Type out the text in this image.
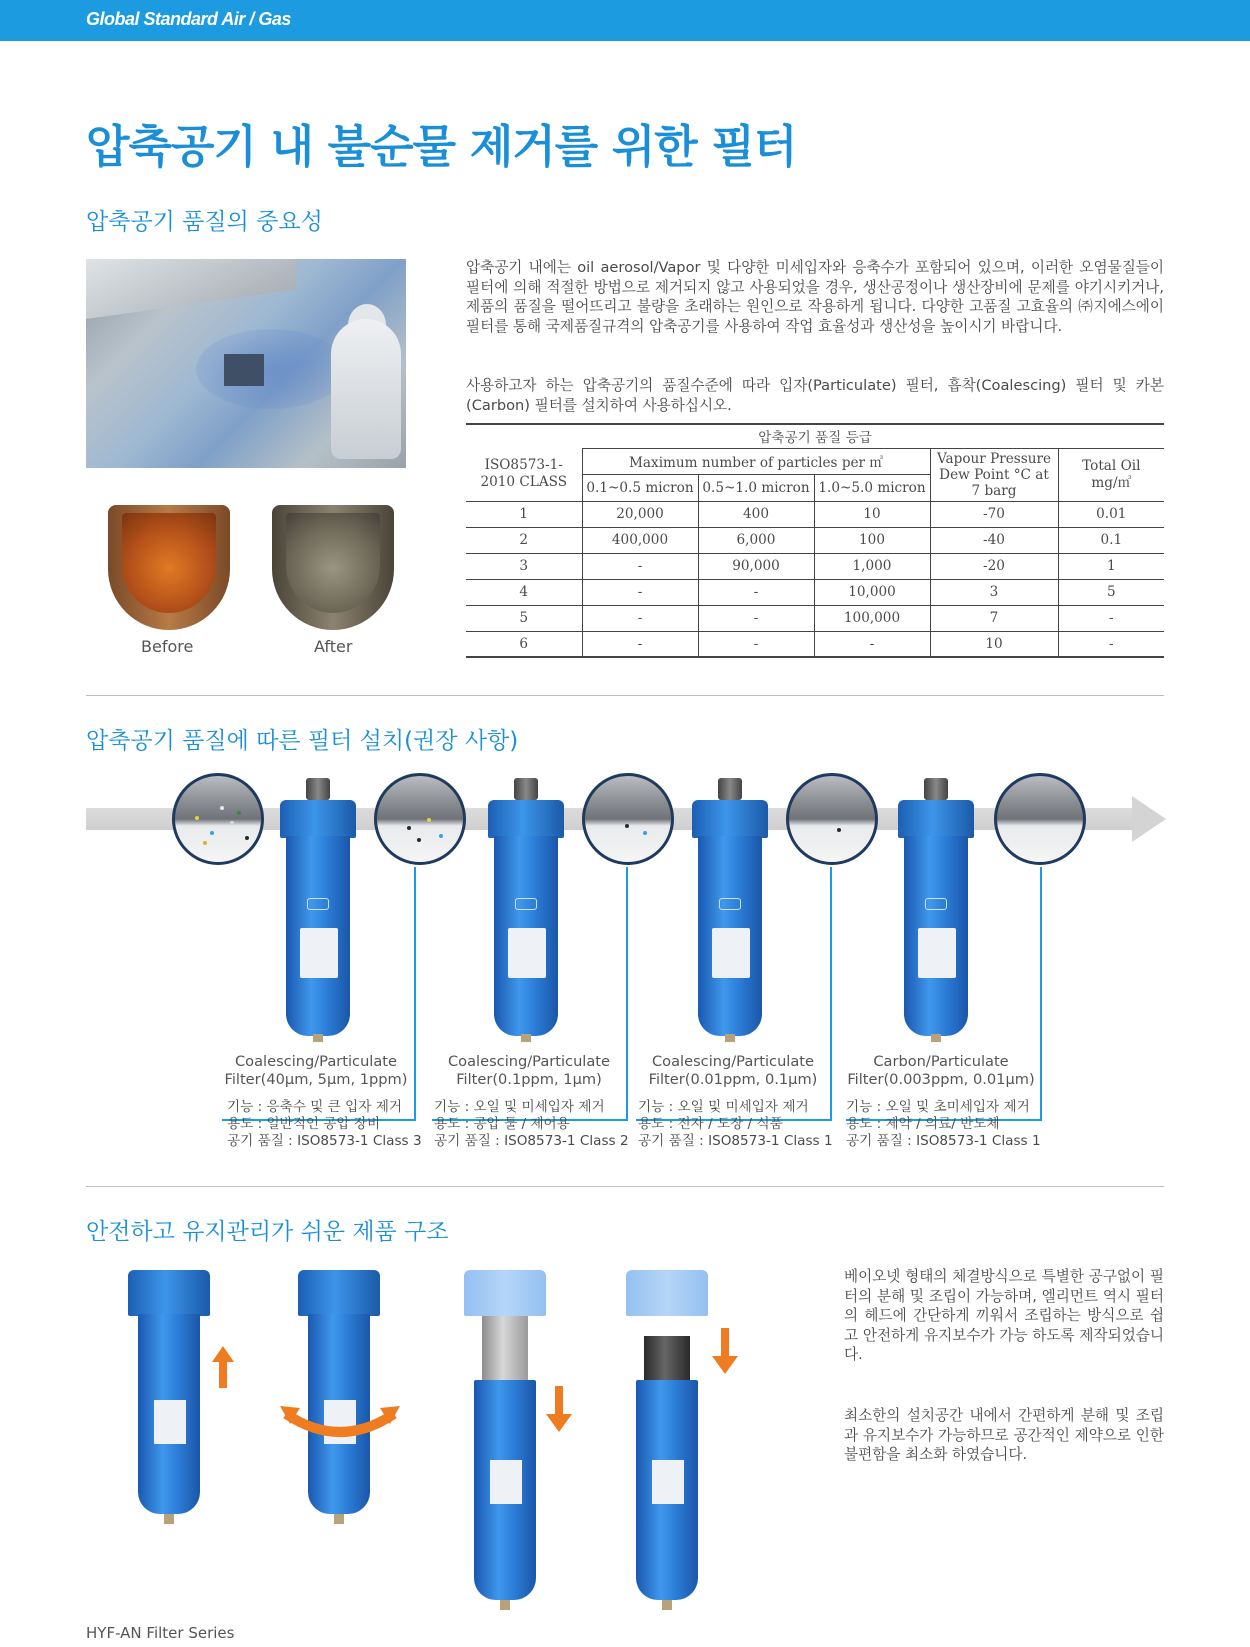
Global Standard Air / Gas
압축공기 내 불순물 제거를 위한 필터
압축공기 품질의 중요성
Before	After
압축공기 내에는 oil aerosol/Vapor 및 다양한 미세입자와 응축수가 포함되어 있으며, 이러한 오염물질들이 필터에 의해 적절한 방법으로 제거되지 않고 사용되었을 경우, 생산공정이나 생산장비에 문제를 야기시키거나, 제품의 품질을 떨어뜨리고 불량을 초래하는 원인으로 작용하게 됩니다. 다양한 고품질 고효율의 ㈜지에스에이 필터를 통해 국제품질규격의 압축공기를 사용하여 작업 효율성과 생산성을 높이시기 바랍니다.
사용하고자 하는 압축공기의 품질수준에 따라 입자(Particulate) 필터, 흡착(Coalescing) 필터 및 카본(Carbon) 필터를 설치하여 사용하십시오.
압축공기 품질 등급					
ISO8573-1-2010 CLASS	Maximum number of particles per ㎥			Vapour Pressure Dew Point °C at 7 barg	Total Oil
mg/㎥
	0.1~0.5 micron	0.5~1.0 micron	1.0~5.0 micron		
1	20,000	400	10	-70	0.01
2	400,000	6,000	100	-40	0.1
3	-	90,000	1,000	-20	1
4	-	-	10,000	3	5
5	-	-	100,000	7	-
6	-	-	-	10	-
압축공기 품질에 따른 필터 설치(권장 사항)
Coalescing/Particulate
Filter(40μm, 5μm, 1ppm)
Coalescing/Particulate
Filter(0.1ppm, 1μm)
Coalescing/Particulate
Filter(0.01ppm, 0.1μm)
Carbon/Particulate
Filter(0.003ppm, 0.01μm)
기능 : 응축수 및 큰 입자 제거
용도 : 일반적인 공압 장비
공기 품질 : ISO8573-1 Class 3
기능 : 오일 및 미세입자 제거
용도 : 공압 툴 / 제어용
공기 품질 : ISO8573-1 Class 2
기능 : 오일 및 미세입자 제거
용도 : 전자 / 도장 / 식품
공기 품질 : ISO8573-1 Class 1
기능 : 오일 및 초미세입자 제거
용도 : 제약 / 의료/ 반도체
공기 품질 : ISO8573-1 Class 1
안전하고 유지관리가 쉬운 제품 구조
베이오넷 형태의 체결방식으로 특별한 공구없이 필터의 분해 및 조립이 가능하며, 엘리먼트 역시 필터의 헤드에 간단하게 끼워서 조립하는 방식으로 쉽고 안전하게 유지보수가 가능 하도록 제작되었습니다.
최소한의 설치공간 내에서 간편하게 분해 및 조립과 유지보수가 가능하므로 공간적인 제약으로 인한 불편함을 최소화 하였습니다.
HYF-AN Filter Series
